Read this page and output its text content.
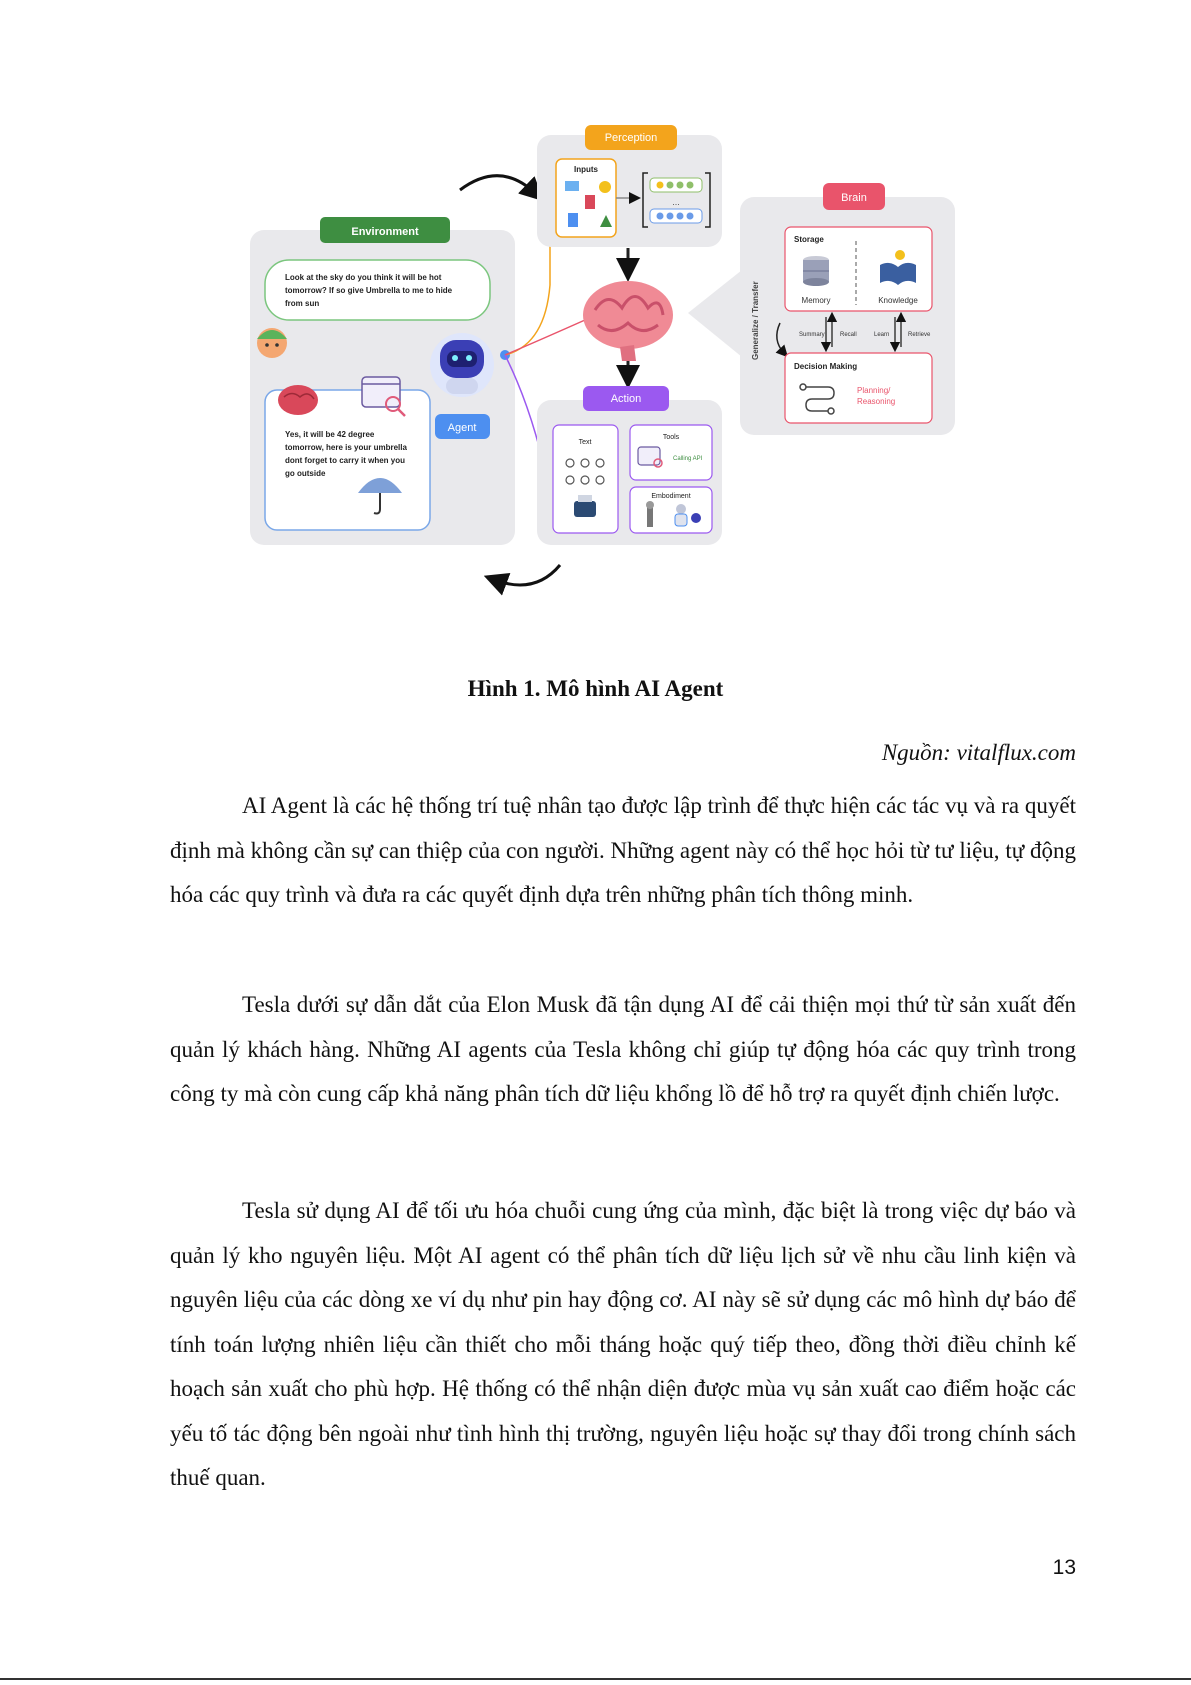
Environment
Look at the sky do you think it will be hot tomorrow? If so give Umbrella to me to hide from sun
Yes, it will be 42 degree tomorrow, here is your umbrella dont forget to carry it when you go outside
Agent
Perception
Inputs
...	Brain
Generalize / Transfer
Storage
Memory	Knowledge
Summary	Recall	Learn	Retrieve
Decision Making
Planning/ Reasoning
Action
Text
Tools
Calling API
Embodiment
Hình 1. Mô hình AI Agent
Nguồn: vitalflux.com

AI Agent là các hệ thống trí tuệ nhân tạo được lập trình để thực hiện các tác vụ và ra quyết định mà không cần sự can thiệp của con người. Những agent này có thể học hỏi từ tư liệu, tự động hóa các quy trình và đưa ra các quyết định dựa trên những phân tích thông minh.

Tesla dưới sự dẫn dắt của Elon Musk đã tận dụng AI để cải thiện mọi thứ từ sản xuất đến quản lý khách hàng. Những AI agents của Tesla không chỉ giúp tự động hóa các quy trình trong công ty mà còn cung cấp khả năng phân tích dữ liệu khổng lồ để hỗ trợ ra quyết định chiến lược.

Tesla sử dụng AI để tối ưu hóa chuỗi cung ứng của mình, đặc biệt là trong việc dự báo và quản lý kho nguyên liệu. Một AI agent có thể phân tích dữ liệu lịch sử về nhu cầu linh kiện và nguyên liệu của các dòng xe ví dụ như pin hay động cơ. AI này sẽ sử dụng các mô hình dự báo để tính toán lượng nhiên liệu cần thiết cho mỗi tháng hoặc quý tiếp theo, đồng thời điều chỉnh kế hoạch sản xuất cho phù hợp. Hệ thống có thể nhận diện được mùa vụ sản xuất cao điểm hoặc các yếu tố tác động bên ngoài như tình hình thị trường, nguyên liệu hoặc sự thay đổi trong chính sách thuế quan.

13
